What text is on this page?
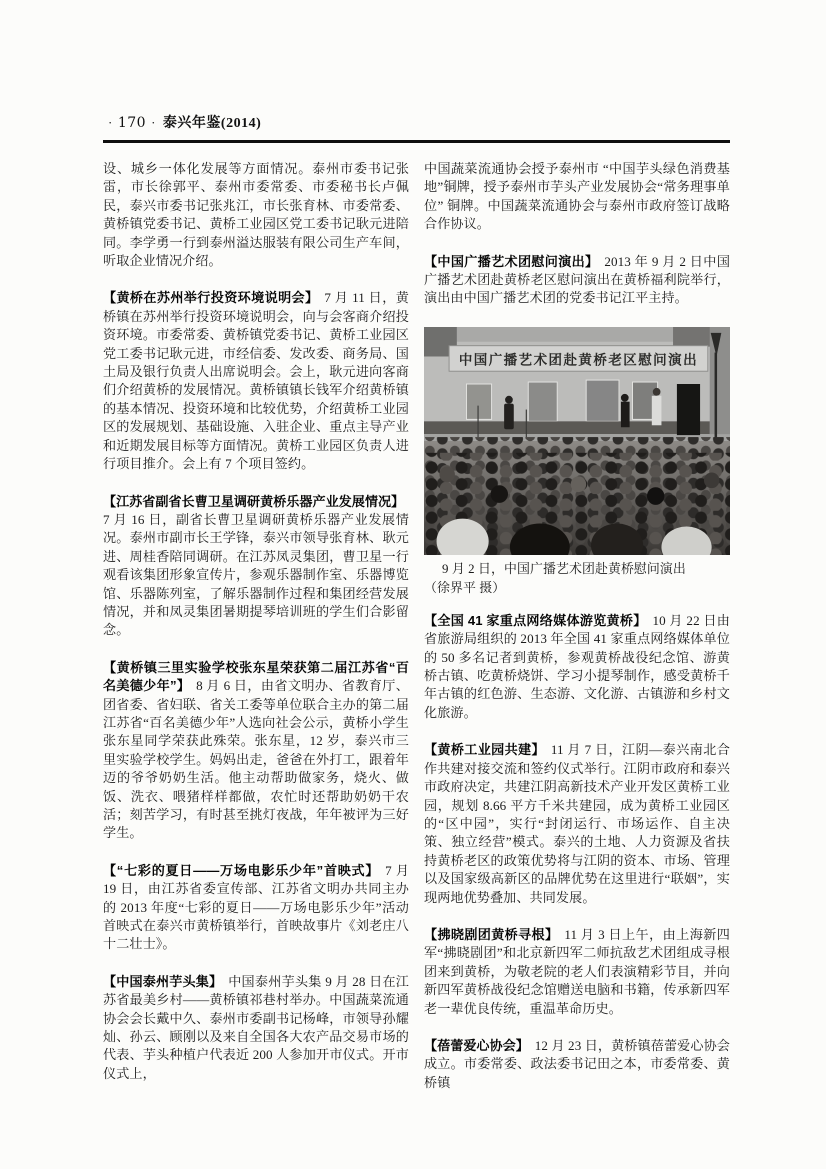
· 170 · 泰兴年鉴(2014)

设、城乡一体化发展等方面情况。泰州市委书记张雷，市长徐郭平、泰州市委常委、市委秘书长卢佩民，泰兴市委书记张兆江，市长张育林、市委常委、黄桥镇党委书记、黄桥工业园区党工委书记耿元进陪同。李学勇一行到泰州溢达服装有限公司生产车间，听取企业情况介绍。

【黄桥在苏州举行投资环境说明会】 7 月 11 日，黄桥镇在苏州举行投资环境说明会，向与会客商介绍投资环境。市委常委、黄桥镇党委书记、黄桥工业园区党工委书记耿元进，市经信委、发改委、商务局、国土局及银行负责人出席说明会。会上，耿元进向客商们介绍黄桥的发展情况。黄桥镇镇长钱军介绍黄桥镇的基本情况、投资环境和比较优势，介绍黄桥工业园区的发展规划、基础设施、入驻企业、重点主导产业和近期发展目标等方面情况。黄桥工业园区负责人进行项目推介。会上有 7 个项目签约。

【江苏省副省长曹卫星调研黄桥乐器产业发展情况】7 月 16 日，副省长曹卫星调研黄桥乐器产业发展情况。泰州市副市长王学锋，泰兴市领导张育林、耿元进、周桂香陪同调研。在江苏凤灵集团，曹卫星一行观看该集团形象宣传片，参观乐器制作室、乐器博览馆、乐器陈列室，了解乐器制作过程和集团经营发展情况，并和凤灵集团暑期提琴培训班的学生们合影留念。

【黄桥镇三里实验学校张东星荣获第二届江苏省“百名美德少年”】 8 月 6 日，由省文明办、省教育厅、团省委、省妇联、省关工委等单位联合主办的第二届江苏省“百名美德少年”人选向社会公示，黄桥小学生张东星同学荣获此殊荣。张东星，12 岁，泰兴市三里实验学校学生。妈妈出走，爸爸在外打工，跟着年迈的爷爷奶奶生活。他主动帮助做家务，烧火、做饭、洗衣、喂猪样样都做，农忙时还帮助奶奶干农活；刻苦学习，有时甚至挑灯夜战，年年被评为三好学生。

【“七彩的夏日——万场电影乐少年”首映式】 7 月 19 日，由江苏省委宣传部、江苏省文明办共同主办的 2013 年度“七彩的夏日——万场电影乐少年”活动首映式在泰兴市黄桥镇举行，首映故事片《刘老庄八十二壮士》。

【中国泰州芋头集】 中国泰州芋头集 9 月 28 日在江苏省最美乡村——黄桥镇祁巷村举办。中国蔬菜流通协会会长戴中久、泰州市委副书记杨峰，市领导孙耀灿、孙云、顾刚以及来自全国各大农产品交易市场的代表、芋头种植户代表近 200 人参加开市仪式。开市仪式上，

中国蔬菜流通协会授予泰州市 “中国芋头绿色消费基地”铜牌，授予泰州市芋头产业发展协会“常务理事单位” 铜牌。中国蔬菜流通协会与泰州市政府签订战略合作协议。

【中国广播艺术团慰问演出】 2013 年 9 月 2 日中国广播艺术团赴黄桥老区慰问演出在黄桥福利院举行，演出由中国广播艺术团的党委书记江平主持。

中国广播艺术团赴黄桥老区慰问演出
9 月 2 日，中国广播艺术团赴黄桥慰问演出
（徐界平 摄）

【全国 41 家重点网络媒体游览黄桥】 10 月 22 日由省旅游局组织的 2013 年全国 41 家重点网络媒体单位的 50 多名记者到黄桥，参观黄桥战役纪念馆、游黄桥古镇、吃黄桥烧饼、学习小提琴制作，感受黄桥千年古镇的红色游、生态游、文化游、古镇游和乡村文化旅游。

【黄桥工业园共建】 11 月 7 日，江阴—泰兴南北合作共建对接交流和签约仪式举行。江阴市政府和泰兴市政府决定，共建江阴高新技术产业开发区黄桥工业园，规划 8.66 平方千米共建园，成为黄桥工业园区的“区中园”，实行“封闭运行、市场运作、自主决策、独立经营”模式。泰兴的土地、人力资源及省扶持黄桥老区的政策优势将与江阴的资本、市场、管理以及国家级高新区的品牌优势在这里进行“联姻”，实现两地优势叠加、共同发展。

【拂晓剧团黄桥寻根】 11 月 3 日上午，由上海新四军“拂晓剧团”和北京新四军二师抗敌艺术团组成寻根团来到黄桥，为敬老院的老人们表演精彩节目，并向新四军黄桥战役纪念馆赠送电脑和书籍，传承新四军老一辈优良传统，重温革命历史。

【蓓蕾爱心协会】 12 月 23 日，黄桥镇蓓蕾爱心协会成立。市委常委、政法委书记田之本，市委常委、黄桥镇
